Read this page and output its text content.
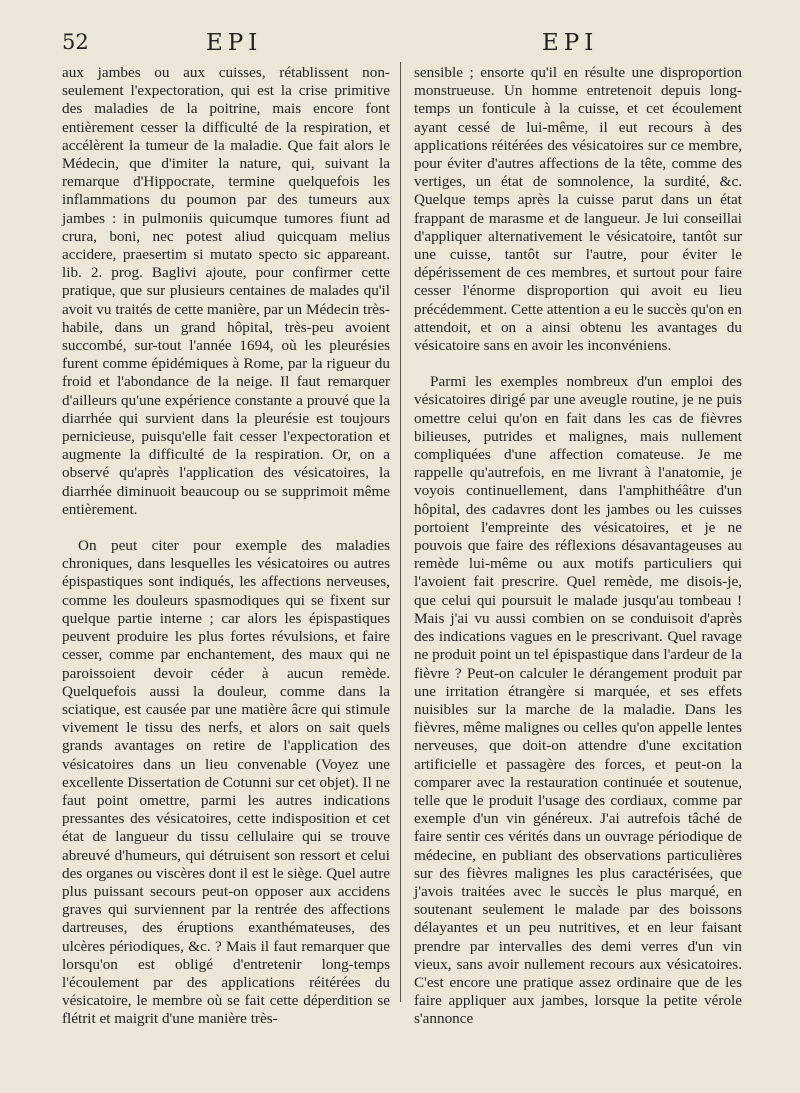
52	EPI	EPI

aux jambes ou aux cuisses, rétablissent non-seulement l'expectoration, qui est la crise primitive des maladies de la poitrine, mais encore font entièrement cesser la difficulté de la respiration, et accélèrent la tumeur de la maladie. Que fait alors le Médecin, que d'imiter la nature, qui, suivant la remarque d'Hippocrate, termine quelquefois les inflammations du poumon par des tumeurs aux jambes : in pulmoniis quicumque tumores fiunt ad crura, boni, nec potest aliud quicquam melius accidere, praesertim si mutato specto sic appareant. lib. 2. prog. Baglivi ajoute, pour confirmer cette pratique, que sur plusieurs centaines de malades qu'il avoit vu traités de cette manière, par un Médecin très-habile, dans un grand hôpital, très-peu avoient succombé, sur-tout l'année 1694, où les pleurésies furent comme épidémiques à Rome, par la rigueur du froid et l'abondance de la neige. Il faut remarquer d'ailleurs qu'une expérience constante a prouvé que la diarrhée qui survient dans la pleurésie est toujours pernicieuse, puisqu'elle fait cesser l'expectoration et augmente la difficulté de la respiration. Or, on a observé qu'après l'application des vésicatoires, la diarrhée diminuoit beaucoup ou se supprimoit même entièrement.

On peut citer pour exemple des maladies chroniques, dans lesquelles les vésicatoires ou autres épispastiques sont indiqués, les affections nerveuses, comme les douleurs spasmodiques qui se fixent sur quelque partie interne ; car alors les épispastiques peuvent produire les plus fortes révulsions, et faire cesser, comme par enchantement, des maux qui ne paroissoient devoir céder à aucun remède. Quelquefois aussi la douleur, comme dans la sciatique, est causée par une matière âcre qui stimule vivement le tissu des nerfs, et alors on sait quels grands avantages on retire de l'application des vésicatoires dans un lieu convenable (Voyez une excellente Dissertation de Cotunni sur cet objet). Il ne faut point omettre, parmi les autres indications pressantes des vésicatoires, cette indisposition et cet état de langueur du tissu cellulaire qui se trouve abreuvé d'humeurs, qui détruisent son ressort et celui des organes ou viscères dont il est le siège. Quel autre plus puissant secours peut-on opposer aux accidens graves qui surviennent par la rentrée des affections dartreuses, des éruptions exanthémateuses, des ulcères périodiques, &c. ? Mais il faut remarquer que lorsqu'on est obligé d'entretenir long-temps l'écoulement par des applications réitérées du vésicatoire, le membre où se fait cette déperdition se flétrit et maigrit d'une manière très-

sensible ; ensorte qu'il en résulte une disproportion monstrueuse. Un homme entretenoit depuis long-temps un fonticule à la cuisse, et cet écoulement ayant cessé de lui-même, il eut recours à des applications réitérées des vésicatoires sur ce membre, pour éviter d'autres affections de la tête, comme des vertiges, un état de somnolence, la surdité, &c. Quelque temps après la cuisse parut dans un état frappant de marasme et de langueur. Je lui conseillai d'appliquer alternativement le vésicatoire, tantôt sur une cuisse, tantôt sur l'autre, pour éviter le dépérissement de ces membres, et surtout pour faire cesser l'énorme disproportion qui avoit eu lieu précédemment. Cette attention a eu le succès qu'on en attendoit, et on a ainsi obtenu les avantages du vésicatoire sans en avoir les inconvéniens.

Parmi les exemples nombreux d'un emploi des vésicatoires dirigé par une aveugle routine, je ne puis omettre celui qu'on en fait dans les cas de fièvres bilieuses, putrides et malignes, mais nullement compliquées d'une affection comateuse. Je me rappelle qu'autrefois, en me livrant à l'anatomie, je voyois continuellement, dans l'amphithéâtre d'un hôpital, des cadavres dont les jambes ou les cuisses portoient l'empreinte des vésicatoires, et je ne pouvois que faire des réflexions désavantageuses au remède lui-même ou aux motifs particuliers qui l'avoient fait prescrire. Quel remède, me disois-je, que celui qui poursuit le malade jusqu'au tombeau ! Mais j'ai vu aussi combien on se conduisoit d'après des indications vagues en le prescrivant. Quel ravage ne produit point un tel épispastique dans l'ardeur de la fièvre ? Peut-on calculer le dérangement produit par une irritation étrangère si marquée, et ses effets nuisibles sur la marche de la maladie. Dans les fièvres, même malignes ou celles qu'on appelle lentes nerveuses, que doit-on attendre d'une excitation artificielle et passagère des forces, et peut-on la comparer avec la restauration continuée et soutenue, telle que le produit l'usage des cordiaux, comme par exemple d'un vin généreux. J'ai autrefois tâché de faire sentir ces vérités dans un ouvrage périodique de médecine, en publiant des observations particulières sur des fièvres malignes les plus caractérisées, que j'avois traitées avec le succès le plus marqué, en soutenant seulement le malade par des boissons délayantes et un peu nutritives, et en leur faisant prendre par intervalles des demi verres d'un vin vieux, sans avoir nullement recours aux vésicatoires. C'est encore une pratique assez ordinaire que de les faire appliquer aux jambes, lorsque la petite vérole s'annonce
